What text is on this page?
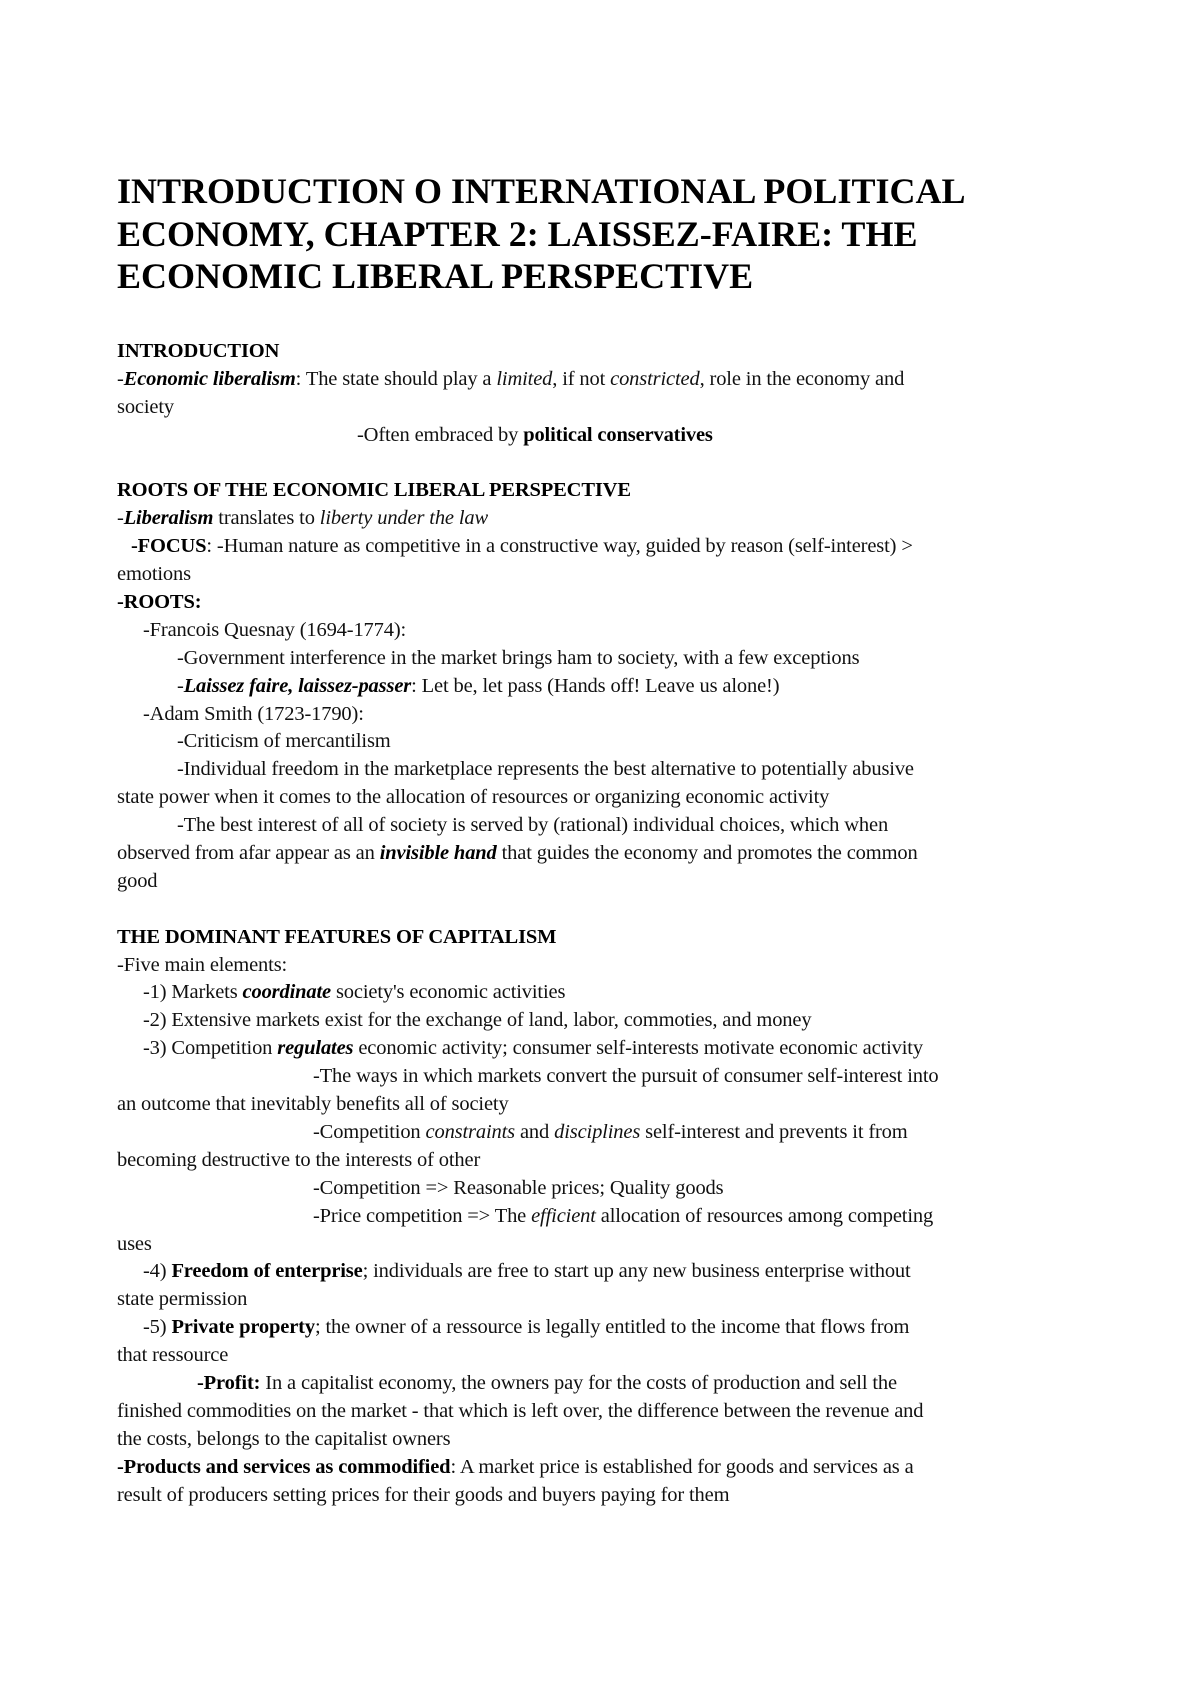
INTRODUCTION O INTERNATIONAL POLITICAL
ECONOMY, CHAPTER 2: LAISSEZ-FAIRE: THE
ECONOMIC LIBERAL PERSPECTIVE
INTRODUCTION
-Economic liberalism: The state should play a limited, if not constricted, role in the economy and
society
-Often embraced by political conservatives
ROOTS OF THE ECONOMIC LIBERAL PERSPECTIVE
-Liberalism translates to liberty under the law
-FOCUS: -Human nature as competitive in a constructive way, guided by reason (self-interest) >
emotions
-ROOTS:
-Francois Quesnay (1694-1774):
-Government interference in the market brings ham to society, with a few exceptions
-Laissez faire, laissez-passer: Let be, let pass (Hands off! Leave us alone!)
-Adam Smith (1723-1790):
-Criticism of mercantilism
-Individual freedom in the marketplace represents the best alternative to potentially abusive
state power when it comes to the allocation of resources or organizing economic activity
-The best interest of all of society is served by (rational) individual choices, which when
observed from afar appear as an invisible hand that guides the economy and promotes the common
good
THE DOMINANT FEATURES OF CAPITALISM
-Five main elements:
-1) Markets coordinate society's economic activities
-2) Extensive markets exist for the exchange of land, labor, commoties, and money
-3) Competition regulates economic activity; consumer self-interests motivate economic activity
-The ways in which markets convert the pursuit of consumer self-interest into
an outcome that inevitably benefits all of society
-Competition constraints and disciplines self-interest and prevents it from
becoming destructive to the interests of other
-Competition => Reasonable prices; Quality goods
-Price competition => The efficient allocation of resources among competing
uses
-4) Freedom of enterprise; individuals are free to start up any new business enterprise without
state permission
-5) Private property; the owner of a ressource is legally entitled to the income that flows from
that ressource
-Profit: In a capitalist economy, the owners pay for the costs of production and sell the
finished commodities on the market - that which is left over, the difference between the revenue and
the costs, belongs to the capitalist owners
-Products and services as commodified: A market price is established for goods and services as a
result of producers setting prices for their goods and buyers paying for them
